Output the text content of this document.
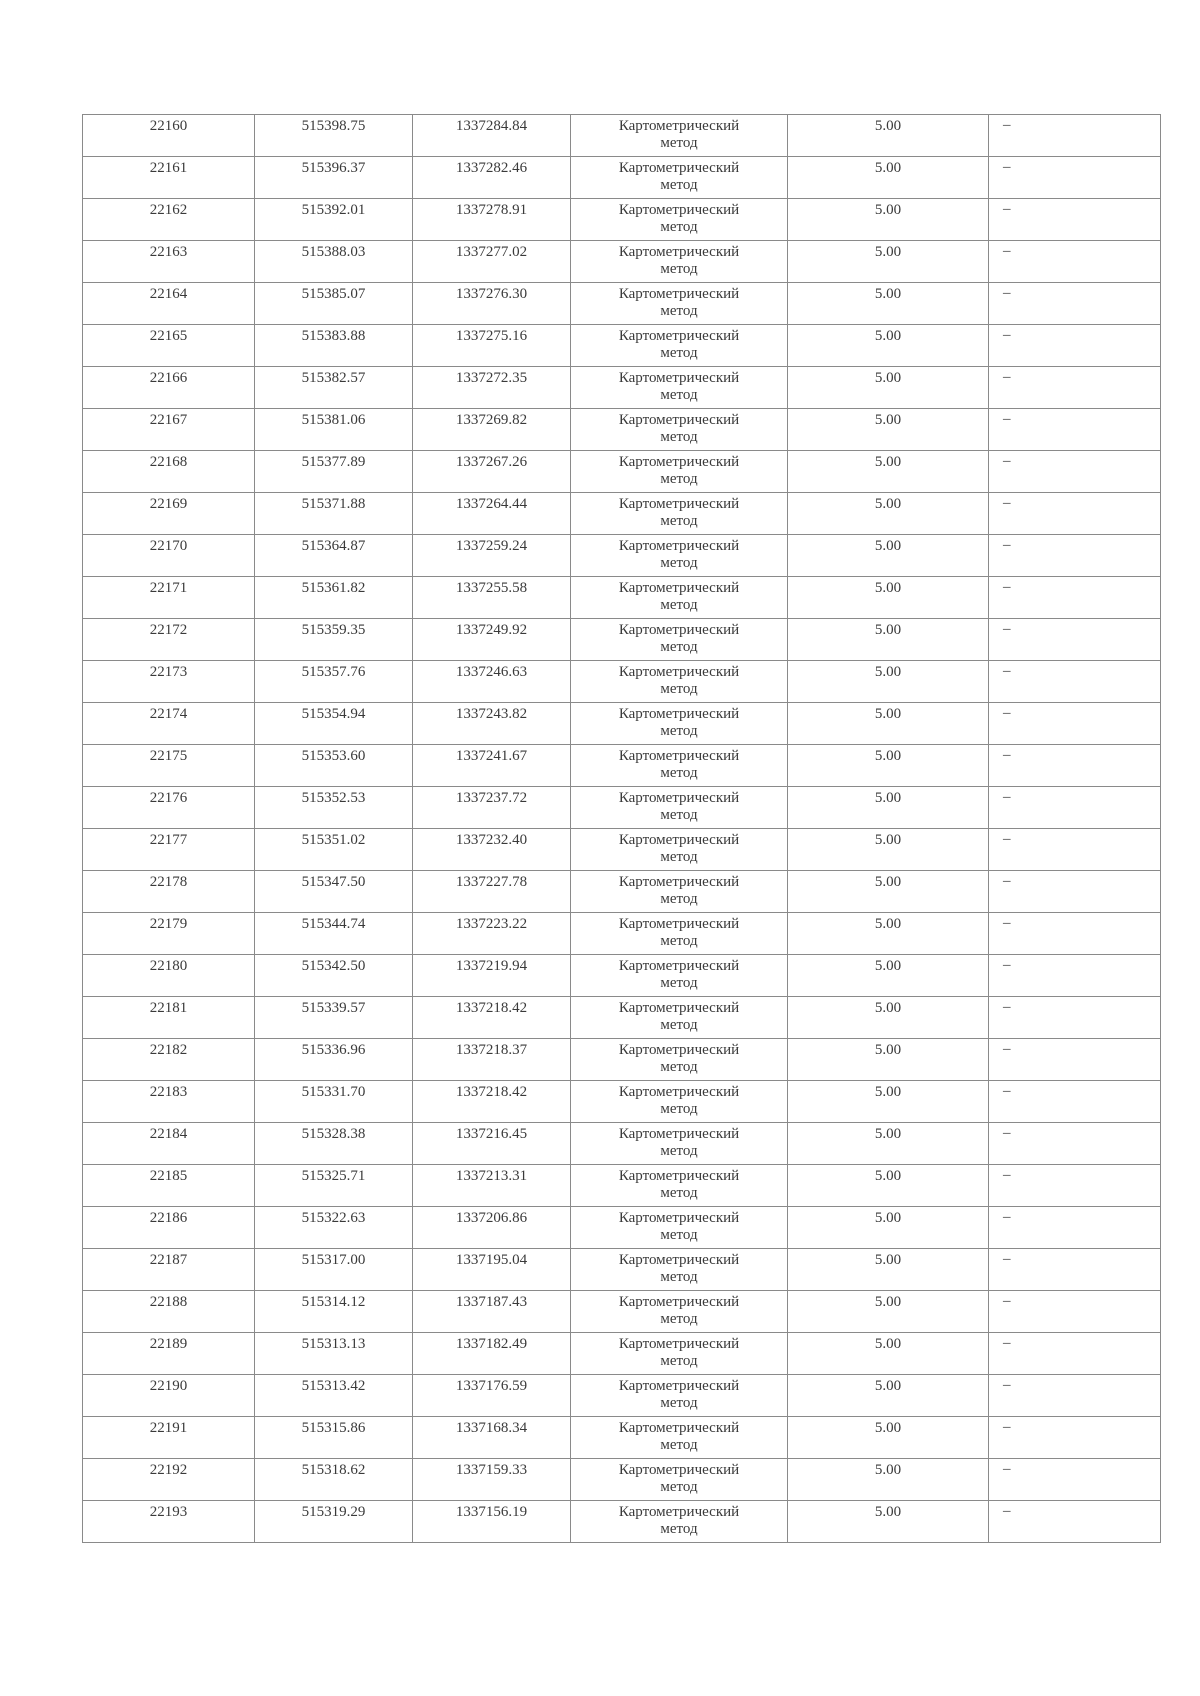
22160	515398.75	1337284.84	Картометрический
метод	5.00	–

22161	515396.37	1337282.46	Картометрический
метод	5.00	–

22162	515392.01	1337278.91	Картометрический
метод	5.00	–

22163	515388.03	1337277.02	Картометрический
метод	5.00	–

22164	515385.07	1337276.30	Картометрический
метод	5.00	–

22165	515383.88	1337275.16	Картометрический
метод	5.00	–

22166	515382.57	1337272.35	Картометрический
метод	5.00	–

22167	515381.06	1337269.82	Картометрический
метод	5.00	–

22168	515377.89	1337267.26	Картометрический
метод	5.00	–

22169	515371.88	1337264.44	Картометрический
метод	5.00	–

22170	515364.87	1337259.24	Картометрический
метод	5.00	–

22171	515361.82	1337255.58	Картометрический
метод	5.00	–

22172	515359.35	1337249.92	Картометрический
метод	5.00	–

22173	515357.76	1337246.63	Картометрический
метод	5.00	–

22174	515354.94	1337243.82	Картометрический
метод	5.00	–

22175	515353.60	1337241.67	Картометрический
метод	5.00	–

22176	515352.53	1337237.72	Картометрический
метод	5.00	–

22177	515351.02	1337232.40	Картометрический
метод	5.00	–

22178	515347.50	1337227.78	Картометрический
метод	5.00	–

22179	515344.74	1337223.22	Картометрический
метод	5.00	–

22180	515342.50	1337219.94	Картометрический
метод	5.00	–

22181	515339.57	1337218.42	Картометрический
метод	5.00	–

22182	515336.96	1337218.37	Картометрический
метод	5.00	–

22183	515331.70	1337218.42	Картометрический
метод	5.00	–

22184	515328.38	1337216.45	Картометрический
метод	5.00	–

22185	515325.71	1337213.31	Картометрический
метод	5.00	–

22186	515322.63	1337206.86	Картометрический
метод	5.00	–

22187	515317.00	1337195.04	Картометрический
метод	5.00	–

22188	515314.12	1337187.43	Картометрический
метод	5.00	–

22189	515313.13	1337182.49	Картометрический
метод	5.00	–

22190	515313.42	1337176.59	Картометрический
метод	5.00	–

22191	515315.86	1337168.34	Картометрический
метод	5.00	–

22192	515318.62	1337159.33	Картометрический
метод	5.00	–

22193	515319.29	1337156.19	Картометрический
метод	5.00	–
